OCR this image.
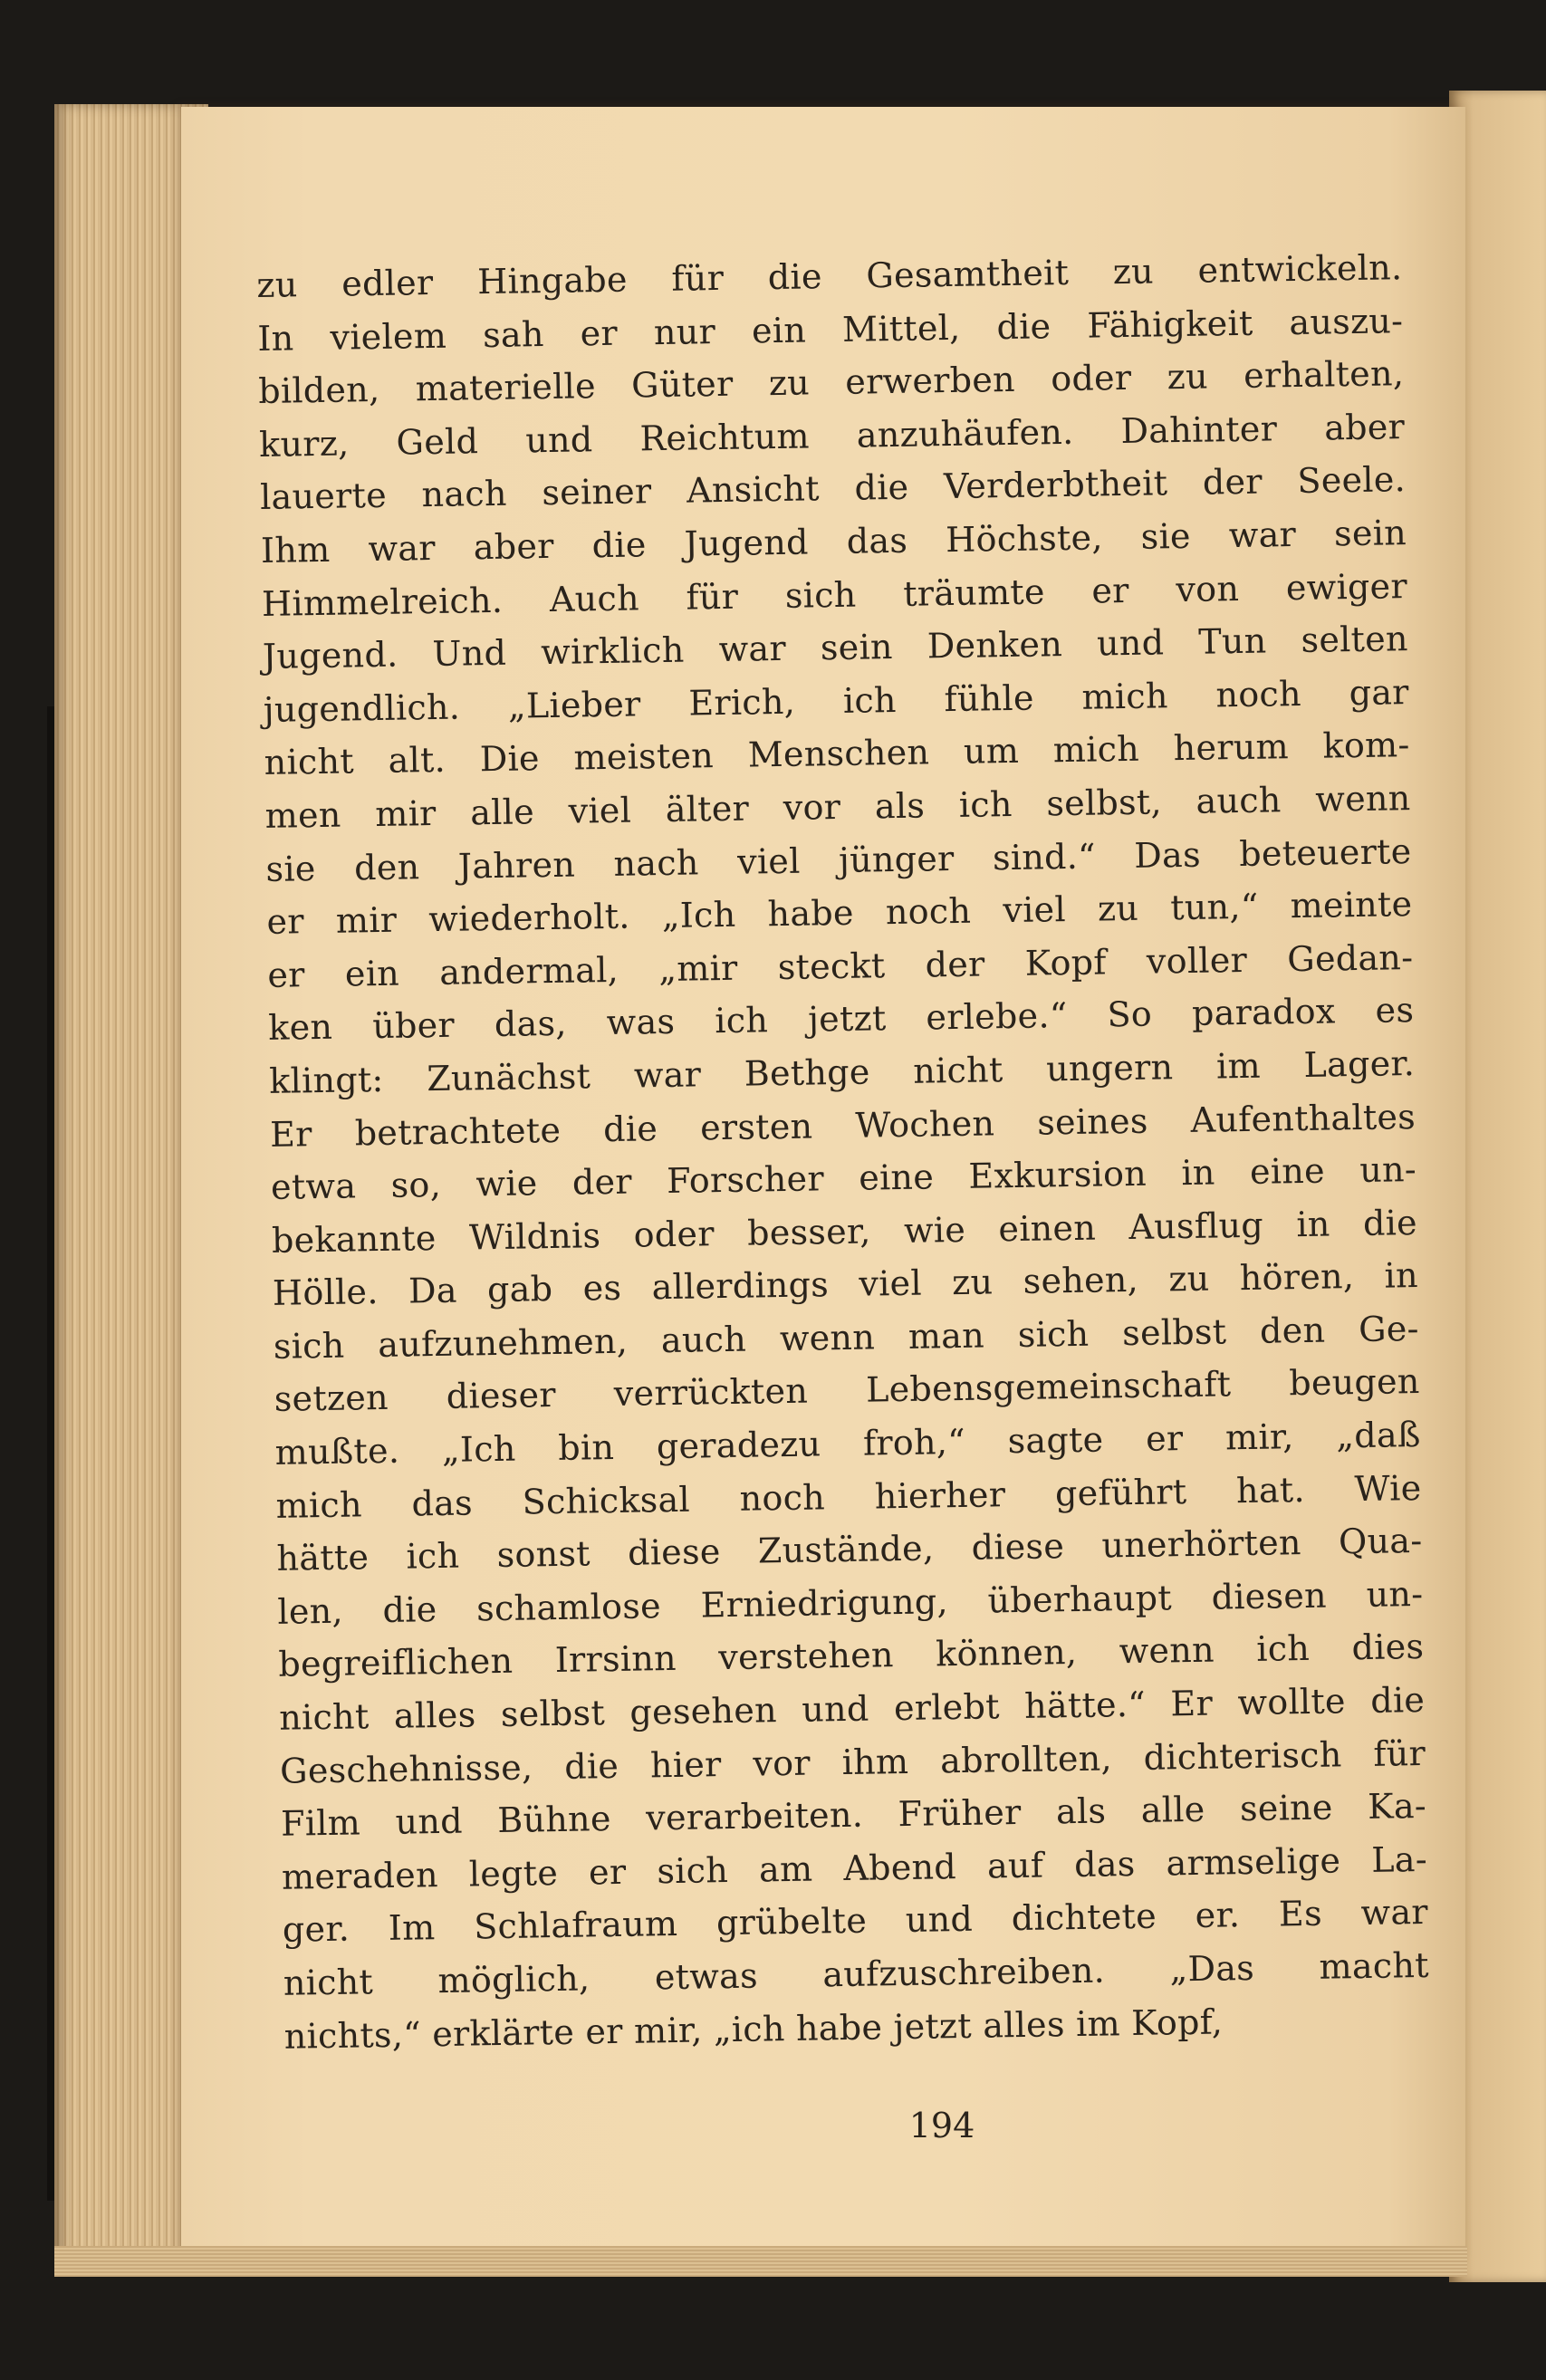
zu edler Hingabe für die Gesamtheit zu entwickeln.
In vielem sah er nur ein Mittel, die Fähigkeit auszu-
bilden, materielle Güter zu erwerben oder zu erhalten,
kurz, Geld und Reichtum anzuhäufen. Dahinter aber
lauerte nach seiner Ansicht die Verderbtheit der Seele.
Ihm war aber die Jugend das Höchste, sie war sein
Himmelreich. Auch für sich träumte er von ewiger
Jugend. Und wirklich war sein Denken und Tun selten
jugendlich. „Lieber Erich, ich fühle mich noch gar
nicht alt. Die meisten Menschen um mich herum kom-
men mir alle viel älter vor als ich selbst, auch wenn
sie den Jahren nach viel jünger sind.“ Das beteuerte
er mir wiederholt. „Ich habe noch viel zu tun,“ meinte
er ein andermal, „mir steckt der Kopf voller Gedan-
ken über das, was ich jetzt erlebe.“ So paradox es
klingt: Zunächst war Bethge nicht ungern im Lager.
Er betrachtete die ersten Wochen seines Aufenthaltes
etwa so, wie der Forscher eine Exkursion in eine un-
bekannte Wildnis oder besser, wie einen Ausflug in die
Hölle. Da gab es allerdings viel zu sehen, zu hören, in
sich aufzunehmen, auch wenn man sich selbst den Ge-
setzen dieser verrückten Lebensgemeinschaft beugen
mußte. „Ich bin geradezu froh,“ sagte er mir, „daß
mich das Schicksal noch hierher geführt hat. Wie
hätte ich sonst diese Zustände, diese unerhörten Qua-
len, die schamlose Erniedrigung, überhaupt diesen un-
begreiflichen Irrsinn verstehen können, wenn ich dies
nicht alles selbst gesehen und erlebt hätte.“ Er wollte die
Geschehnisse, die hier vor ihm abrollten, dichterisch für
Film und Bühne verarbeiten. Früher als alle seine Ka-
meraden legte er sich am Abend auf das armselige La-
ger. Im Schlafraum grübelte und dichtete er. Es war
nicht möglich, etwas aufzuschreiben. „Das macht
nichts,“ erklärte er mir, „ich habe jetzt alles im Kopf,
194
